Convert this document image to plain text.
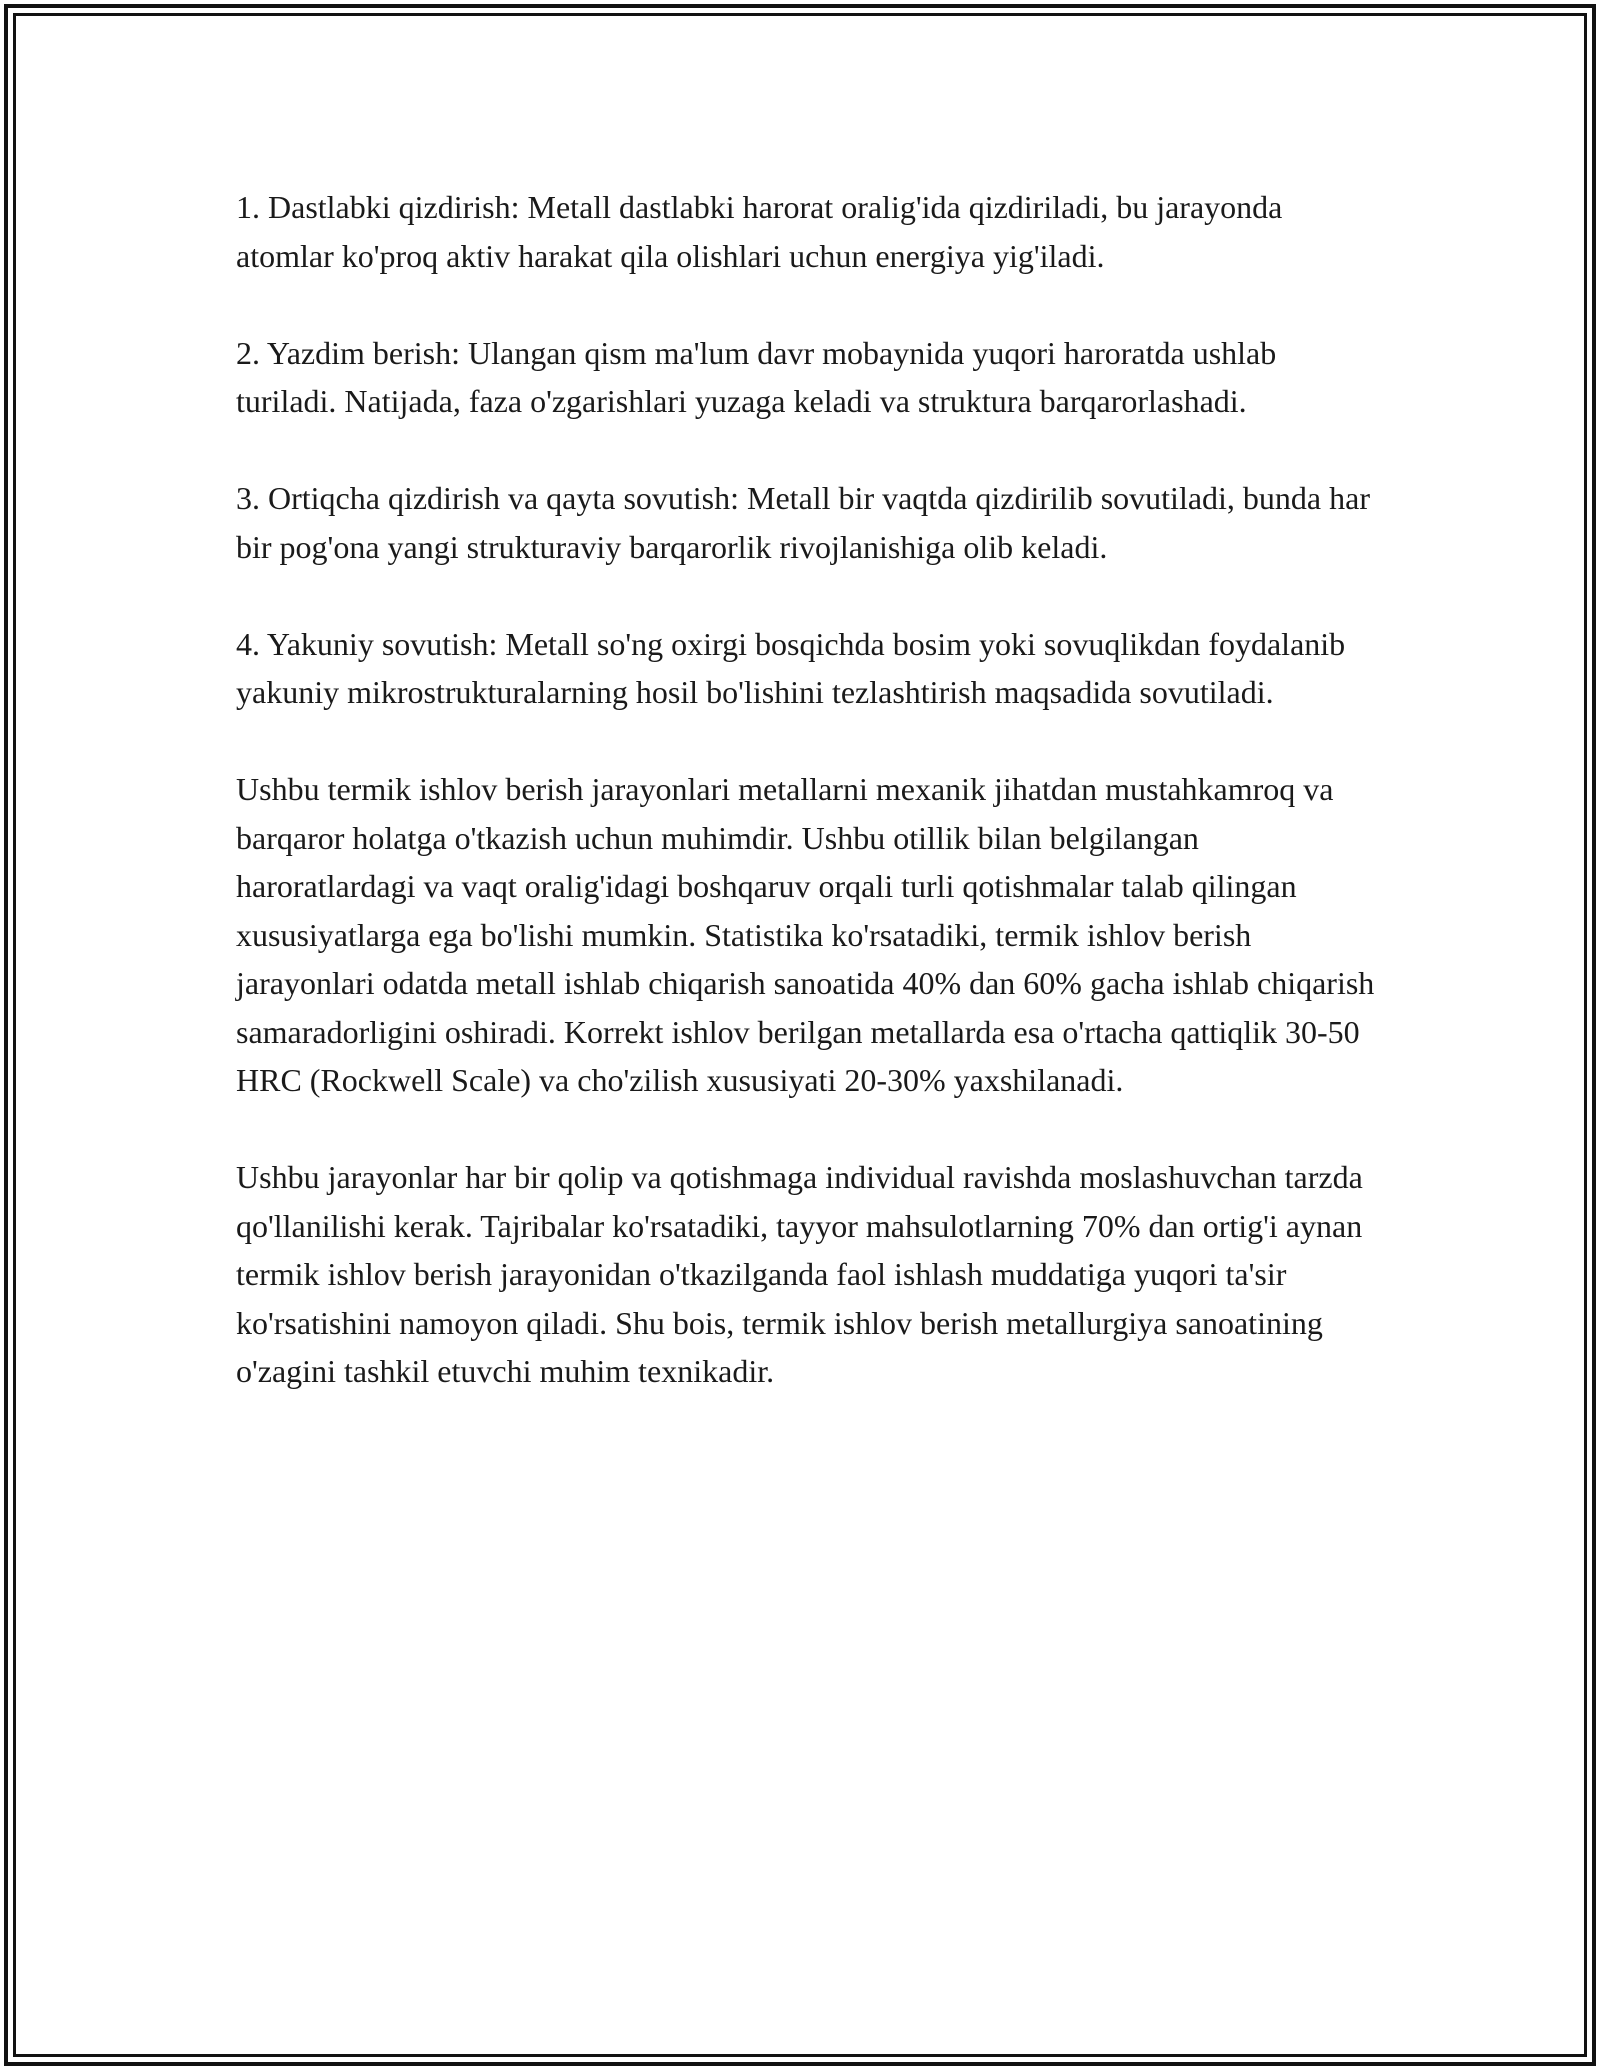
1. Dastlabki qizdirish: Metall dastlabki harorat oralig'ida qizdiriladi, bu jarayonda atomlar ko'proq aktiv harakat qila olishlari uchun energiya yig'iladi.

2. Yazdim berish: Ulangan qism ma'lum davr mobaynida yuqori haroratda ushlab turiladi. Natijada, faza o'zgarishlari yuzaga keladi va struktura barqarorlashadi.

3. Ortiqcha qizdirish va qayta sovutish: Metall bir vaqtda qizdirilib sovutiladi, bunda har bir pog'ona yangi strukturaviy barqarorlik rivojlanishiga olib keladi.

4. Yakuniy sovutish: Metall so'ng oxirgi bosqichda bosim yoki sovuqlikdan foydalanib yakuniy mikrostrukturalarning hosil bo'lishini tezlashtirish maqsadida sovutiladi.

Ushbu termik ishlov berish jarayonlari metallarni mexanik jihatdan mustahkamroq va barqaror holatga o'tkazish uchun muhimdir. Ushbu otillik bilan belgilangan haroratlardagi va vaqt oralig'idagi boshqaruv orqali turli qotishmalar talab qilingan xususiyatlarga ega bo'lishi mumkin. Statistika ko'rsatadiki, termik ishlov berish jarayonlari odatda metall ishlab chiqarish sanoatida 40% dan 60% gacha ishlab chiqarish samaradorligini oshiradi. Korrekt ishlov berilgan metallarda esa o'rtacha qattiqlik 30-50 HRC (Rockwell Scale) va cho'zilish xususiyati 20-30% yaxshilanadi.

Ushbu jarayonlar har bir qolip va qotishmaga individual ravishda moslashuvchan tarzda qo'llanilishi kerak. Tajribalar ko'rsatadiki, tayyor mahsulotlarning 70% dan ortig'i aynan termik ishlov berish jarayonidan o'tkazilganda faol ishlash muddatiga yuqori ta'sir ko'rsatishini namoyon qiladi. Shu bois, termik ishlov berish metallurgiya sanoatining o'zagini tashkil etuvchi muhim texnikadir.
